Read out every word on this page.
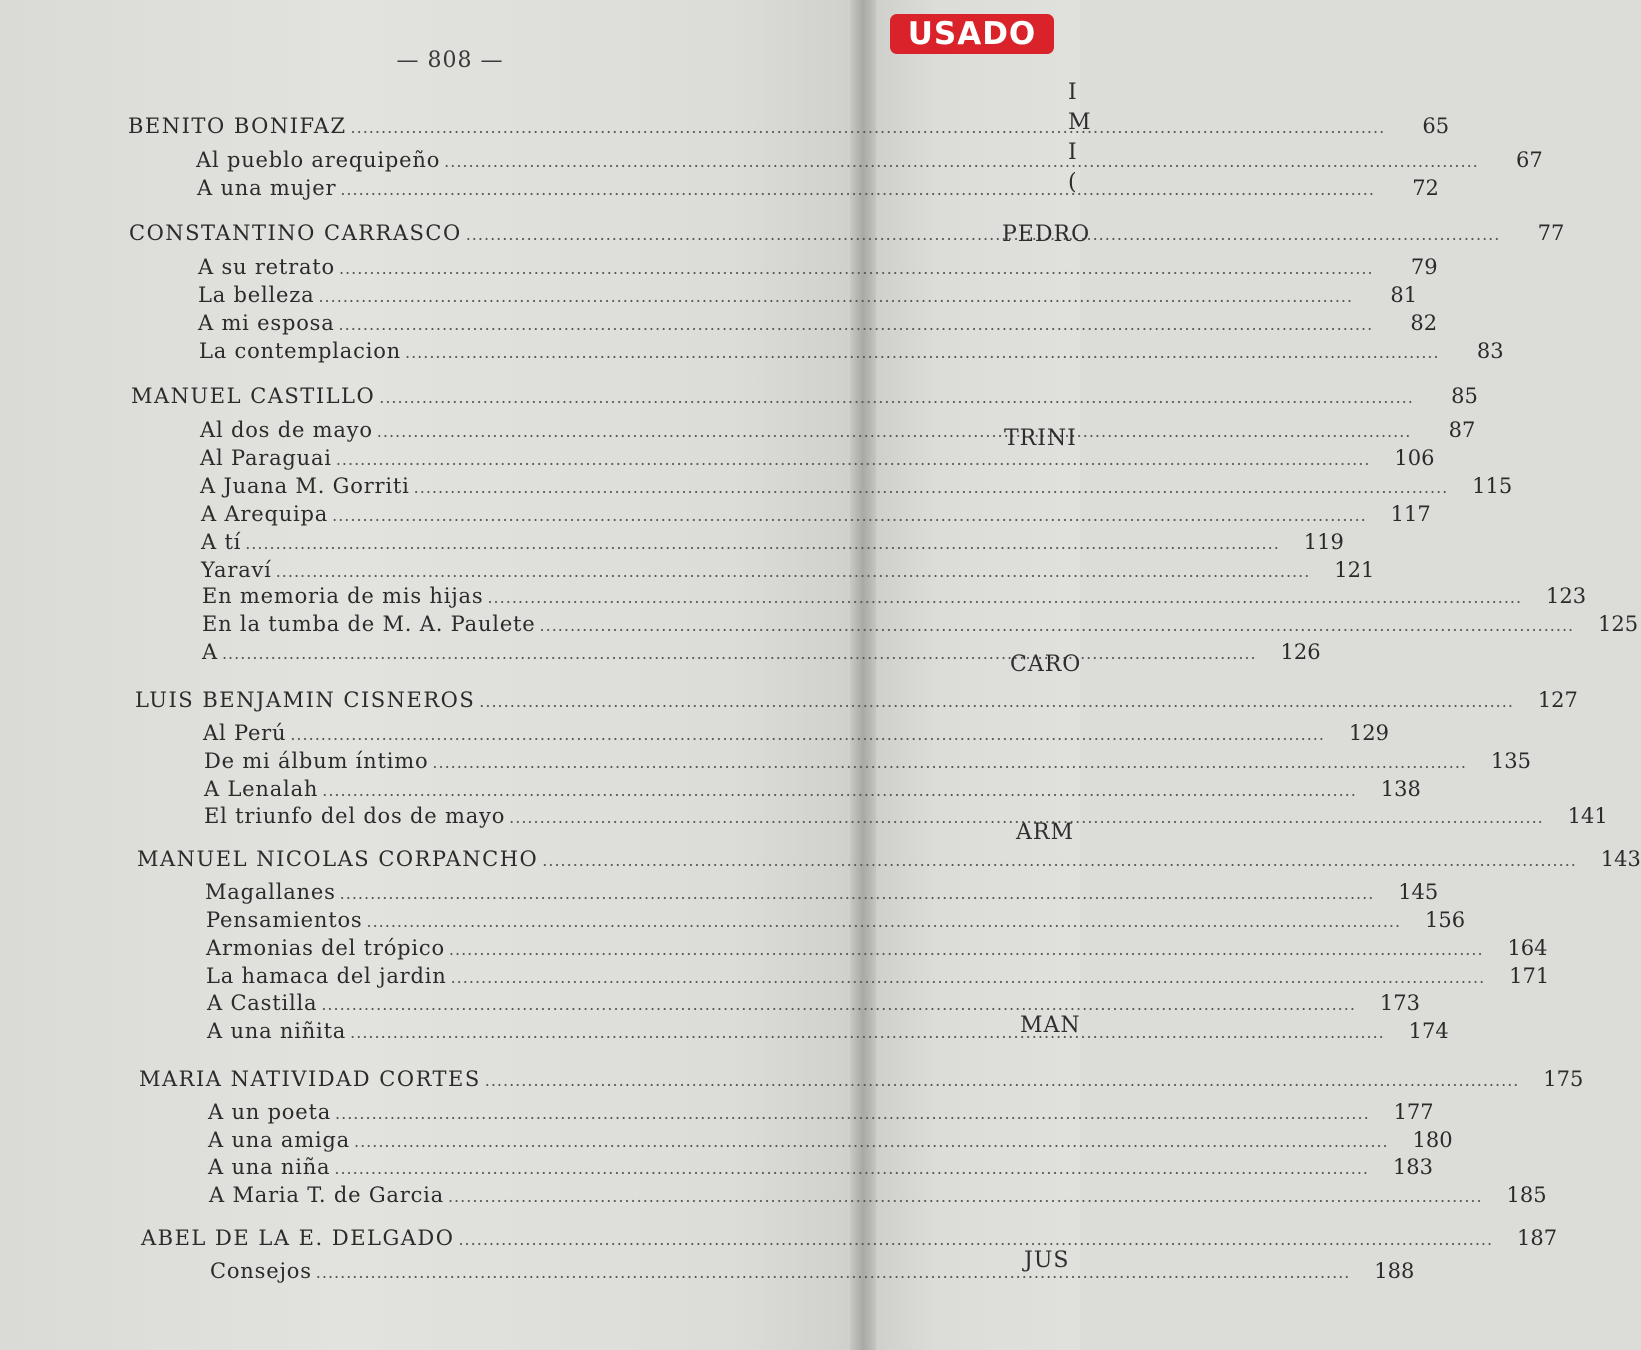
— 808 —
BENITO BONIFAZ .....	65
Al pueblo arequipeño .....	67
A una mujer .....	72
CONSTANTINO CARRASCO .....	77
A su retrato .....	79
La belleza .....	81
A mi esposa .....	82
La contemplacion .....	83
MANUEL CASTILLO .....	85
Al dos de mayo .....	87
Al Paraguai .....	106
A Juana M. Gorriti .....	115
A Arequipa .....	117
A tí .....	119
Yaraví .....	121
En memoria de mis hijas .....	123
En la tumba de M. A. Paulete .....	125
A .....	126
LUIS BENJAMIN CISNEROS .....	127
Al Perú .....	129
De mi álbum íntimo .....	135
A Lenalah .....	138
El triunfo del dos de mayo .....	141
MANUEL NICOLAS CORPANCHO .....	143
Magallanes .....	145
Pensamientos .....	156
Armonias del trópico .....	164
La hamaca del jardin .....	171
A Castilla .....	173
A una niñita .....	174
MARIA NATIVIDAD CORTES .....	175
A un poeta .....	177
A una amiga .....	180
A una niña .....	183
A Maria T. de Garcia .....	185
ABEL DE LA E. DELGADO .....	187
Consejos .....	188
I
M
I
(
PEDRO
TRINI
CARO
ARM
MAN
JUS
USADO
